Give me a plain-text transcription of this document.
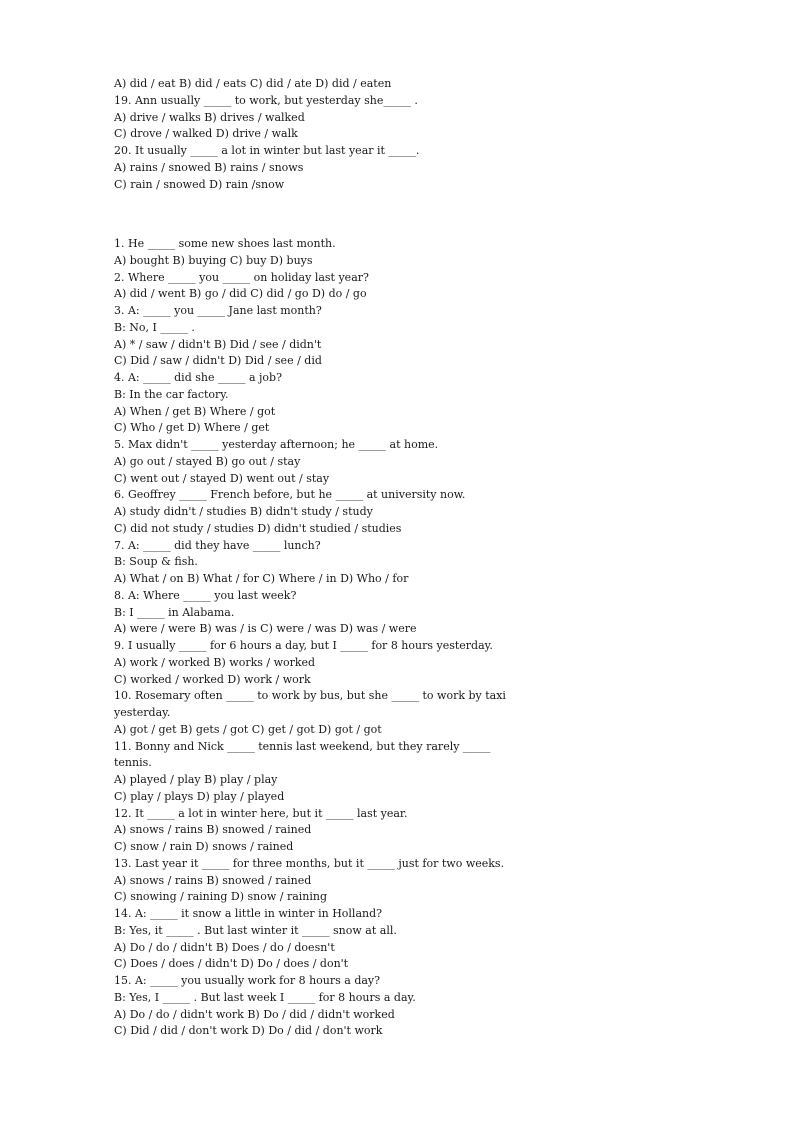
A) did / eat B) did / eats C) did / ate D) did / eaten
19. Ann usually _____ to work, but yesterday she_____ .
A) drive / walks B) drives / walked
C) drove / walked D) drive / walk
20. It usually _____ a lot in winter but last year it _____.
A) rains / snowed B) rains / snows
C) rain / snowed D) rain /snow
1. He _____ some new shoes last month.
A) bought B) buying C) buy D) buys
2. Where _____ you _____ on holiday last year?
A) did / went B) go / did C) did / go D) do / go
3. A: _____ you _____ Jane last month?
B: No, I _____ .
A) * / saw / didn't B) Did / see / didn't
C) Did / saw / didn't D) Did / see / did
4. A: _____ did she _____ a job?
B: In the car factory.
A) When / get B) Where / got
C) Who / get D) Where / get
5. Max didn't _____ yesterday afternoon; he _____ at home.
A) go out / stayed B) go out / stay
C) went out / stayed D) went out / stay
6. Geoffrey _____ French before, but he _____ at university now.
A) study didn't / studies B) didn't study / study
C) did not study / studies D) didn't studied / studies
7. A: _____ did they have _____ lunch?
B: Soup & fish.
A) What / on B) What / for C) Where / in D) Who / for
8. A: Where _____ you last week?
B: I _____ in Alabama.
A) were / were B) was / is C) were / was D) was / were
9. I usually _____ for 6 hours a day, but I _____ for 8 hours yesterday.
A) work / worked B) works / worked
C) worked / worked D) work / work
10. Rosemary often _____ to work by bus, but she _____ to work by taxi
yesterday.
A) got / get B) gets / got C) get / got D) got / got
11. Bonny and Nick _____ tennis last weekend, but they rarely _____
tennis.
A) played / play B) play / play
C) play / plays D) play / played
12. It _____ a lot in winter here, but it _____ last year.
A) snows / rains B) snowed / rained
C) snow / rain D) snows / rained
13. Last year it _____ for three months, but it _____ just for two weeks.
A) snows / rains B) snowed / rained
C) snowing / raining D) snow / raining
14. A: _____ it snow a little in winter in Holland?
B: Yes, it _____ . But last winter it _____ snow at all.
A) Do / do / didn't B) Does / do / doesn't
C) Does / does / didn't D) Do / does / don't
15. A: _____ you usually work for 8 hours a day?
B: Yes, I _____ . But last week I _____ for 8 hours a day.
A) Do / do / didn't work B) Do / did / didn't worked
C) Did / did / don't work D) Do / did / don't work
